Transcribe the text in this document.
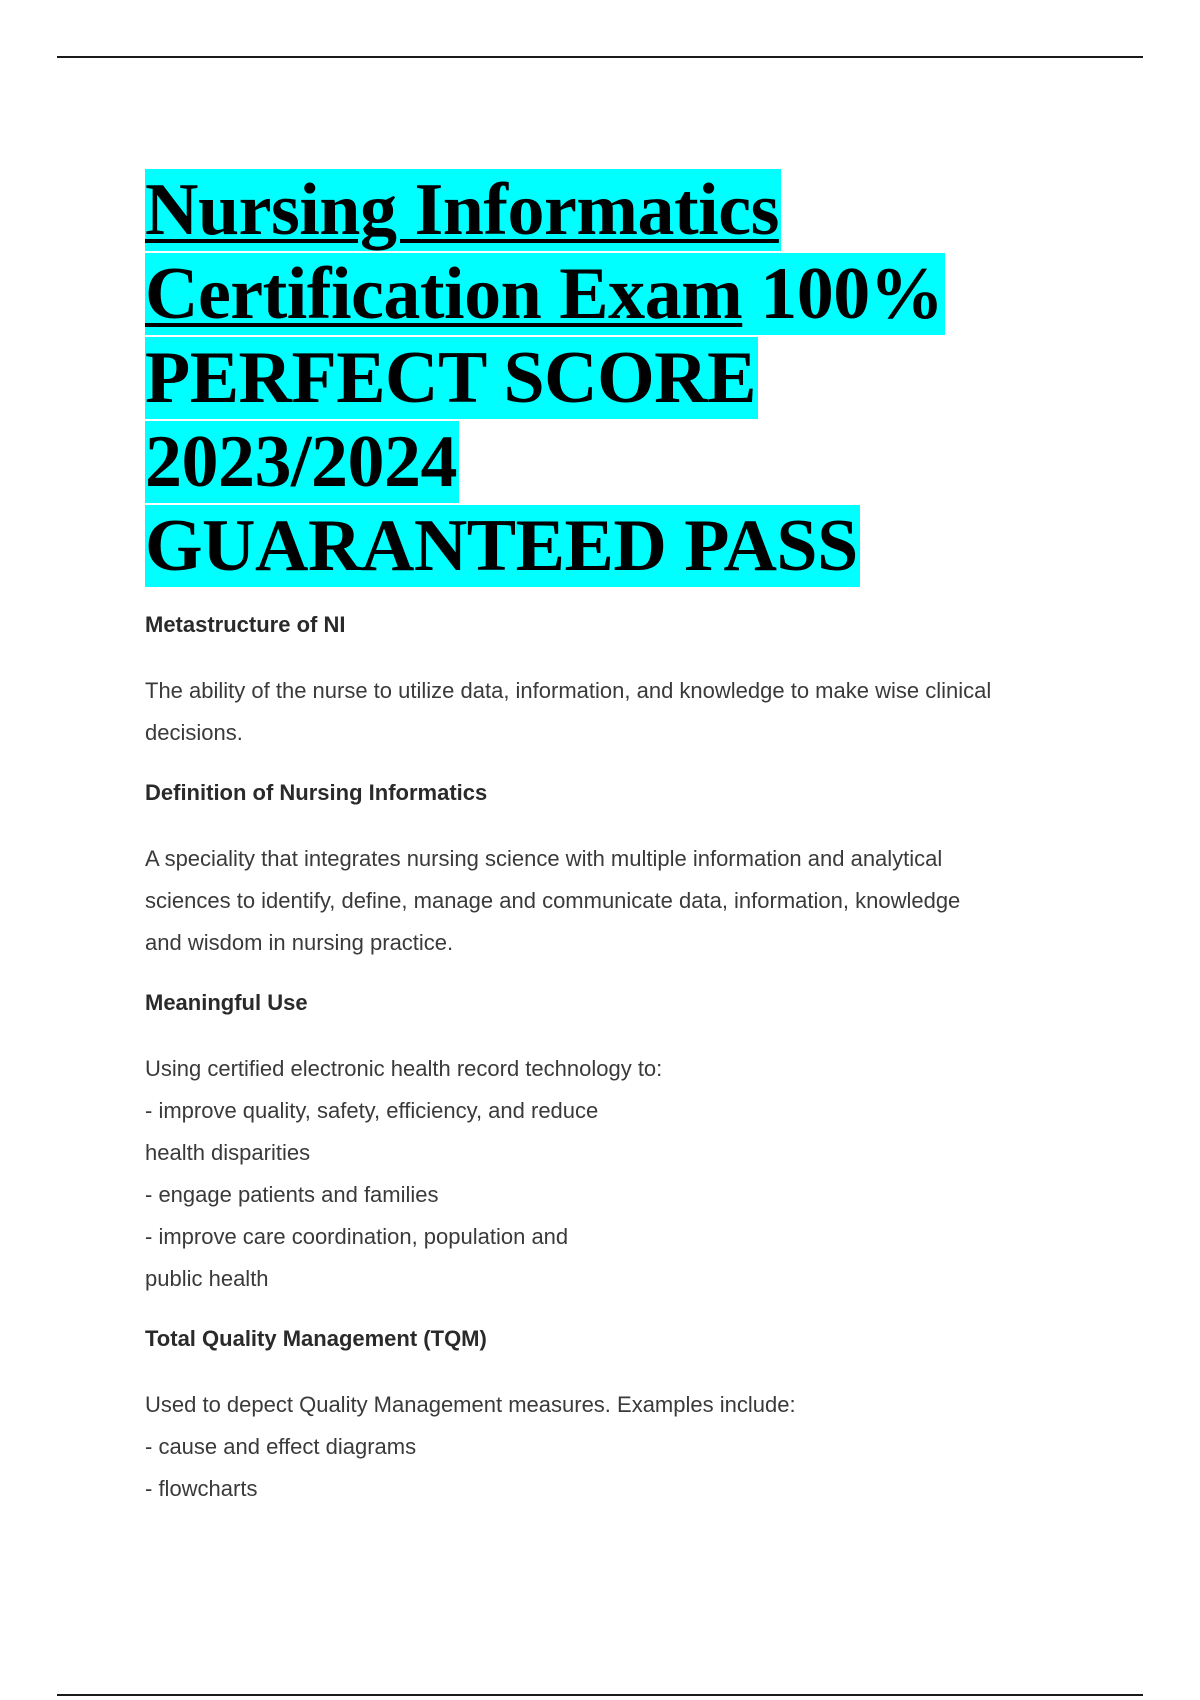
Nursing Informatics
Certification Exam 100%
PERFECT SCORE 2023/2024
GUARANTEED PASS

Metastructure of NI

The ability of the nurse to utilize data, information, and knowledge to make wise clinical
decisions.

Definition of Nursing Informatics

A speciality that integrates nursing science with multiple information and analytical
sciences to identify, define, manage and communicate data, information, knowledge
and wisdom in nursing practice.

Meaningful Use

Using certified electronic health record technology to:
- improve quality, safety, efficiency, and reduce
health disparities
- engage patients and families
- improve care coordination, population and
public health

Total Quality Management (TQM)

Used to depect Quality Management measures. Examples include:
- cause and effect diagrams
- flowcharts
